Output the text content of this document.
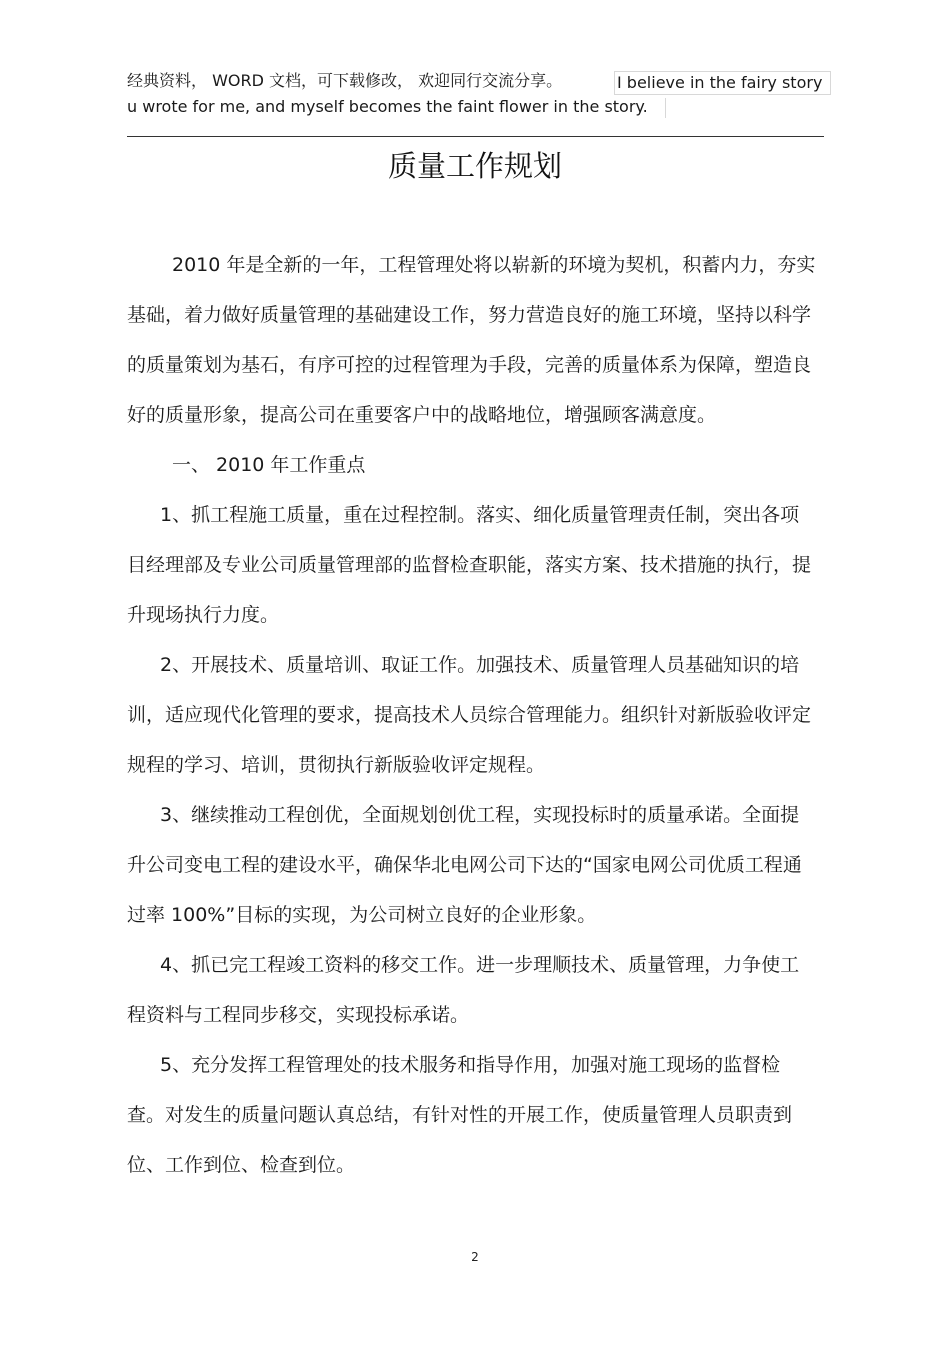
经典资料， WORD 文档，可下载修改， 欢迎同行交流分享。	I believe in the fairy story
u wrote for me, and myself becomes the faint flower in the story.
质量工作规划

2010 年是全新的一年，工程管理处将以崭新的环境为契机，积蓄内力，夯实基础，着力做好质量管理的基础建设工作，努力营造良好的施工环境，坚持以科学的质量策划为基石，有序可控的过程管理为手段，完善的质量体系为保障，塑造良好的质量形象，提高公司在重要客户中的战略地位，增强顾客满意度。

一、 2010 年工作重点

1、抓工程施工质量，重在过程控制。落实、细化质量管理责任制，突出各项目经理部及专业公司质量管理部的监督检查职能，落实方案、技术措施的执行，提升现场执行力度。

2、开展技术、质量培训、取证工作。加强技术、质量管理人员基础知识的培训，适应现代化管理的要求，提高技术人员综合管理能力。组织针对新版验收评定规程的学习、培训，贯彻执行新版验收评定规程。

3、继续推动工程创优，全面规划创优工程，实现投标时的质量承诺。全面提升公司变电工程的建设水平，确保华北电网公司下达的“国家电网公司优质工程通过率 100%”目标的实现，为公司树立良好的企业形象。

4、抓已完工程竣工资料的移交工作。进一步理顺技术、质量管理，力争使工程资料与工程同步移交，实现投标承诺。

5、充分发挥工程管理处的技术服务和指导作用，加强对施工现场的监督检查。对发生的质量问题认真总结，有针对性的开展工作，使质量管理人员职责到位、工作到位、检查到位。

2
